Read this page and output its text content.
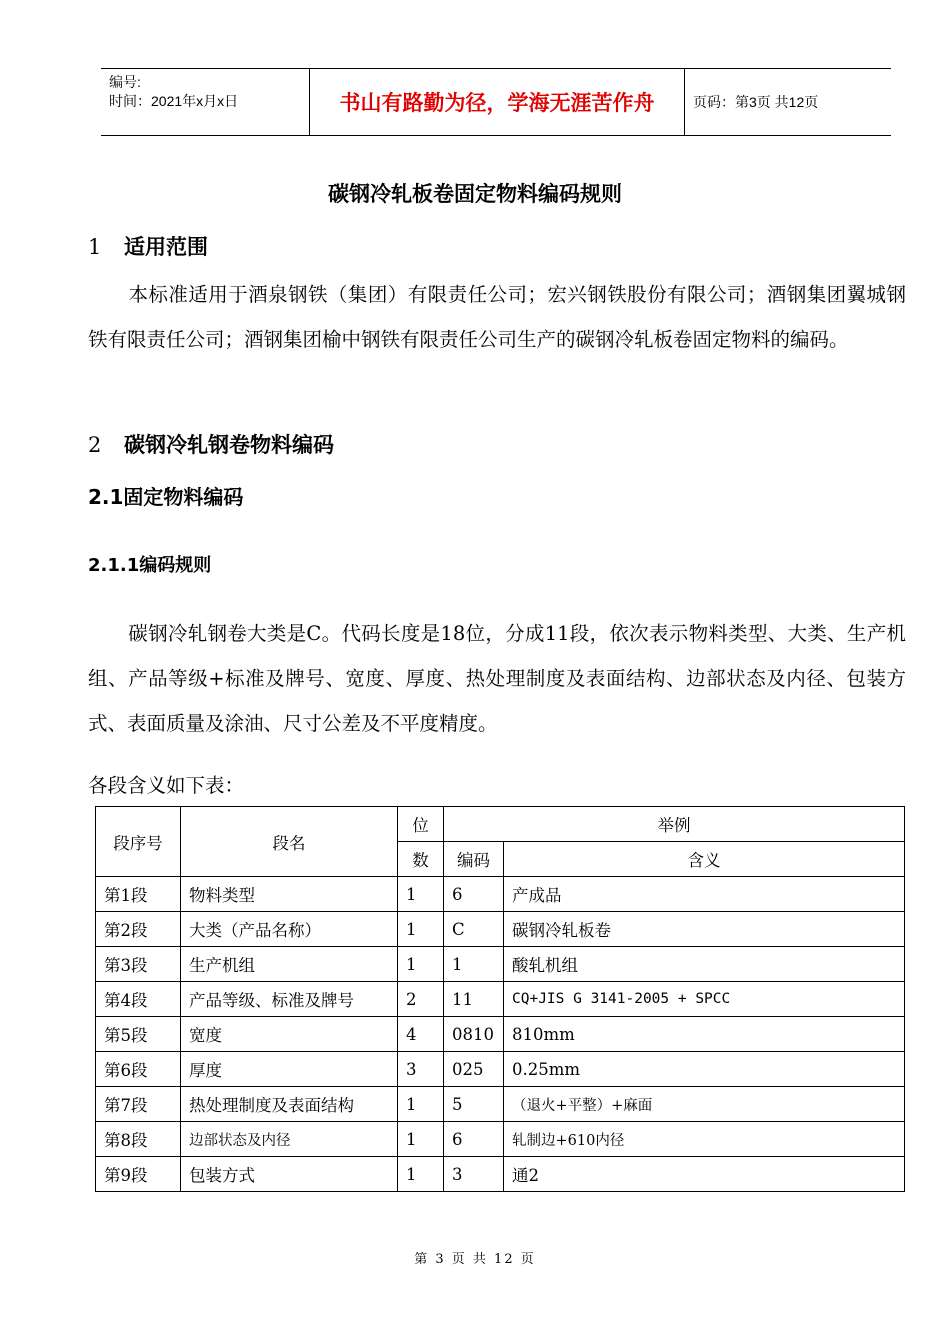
编号:
时间：2021年x月x日	书山有路勤为径，学海无涯苦作舟	页码：第3页 共12页
碳钢冷轧板卷固定物料编码规则
1 适用范围
本标准适用于酒泉钢铁（集团）有限责任公司；宏兴钢铁股份有限公司；酒钢集团翼城钢铁有限责任公司；酒钢集团榆中钢铁有限责任公司生产的碳钢冷轧板卷固定物料的编码。
2 碳钢冷轧钢卷物料编码
2.1固定物料编码
2.1.1编码规则
碳钢冷轧钢卷大类是C。代码长度是18位，分成11段，依次表示物料类型、大类、生产机组、产品等级+标准及牌号、宽度、厚度、热处理制度及表面结构、边部状态及内径、包装方式、表面质量及涂油、尺寸公差及不平度精度。
各段含义如下表：
段序号	段名	位	举例	
		数	编码	含义
第1段	物料类型	1	6	产成品
第2段	大类（产品名称）	1	C	碳钢冷轧板卷
第3段	生产机组	1	1	酸轧机组
第4段	产品等级、标准及牌号	2	11	CQ+JIS G 3141-2005 + SPCC
第5段	宽度	4	0810	810mm
第6段	厚度	3	025	0.25mm
第7段	热处理制度及表面结构	1	5	（退火+平整）+麻面
第8段	边部状态及内径	1	6	轧制边+610内径
第9段	包装方式	1	3	通2
第 3 页 共 12 页
